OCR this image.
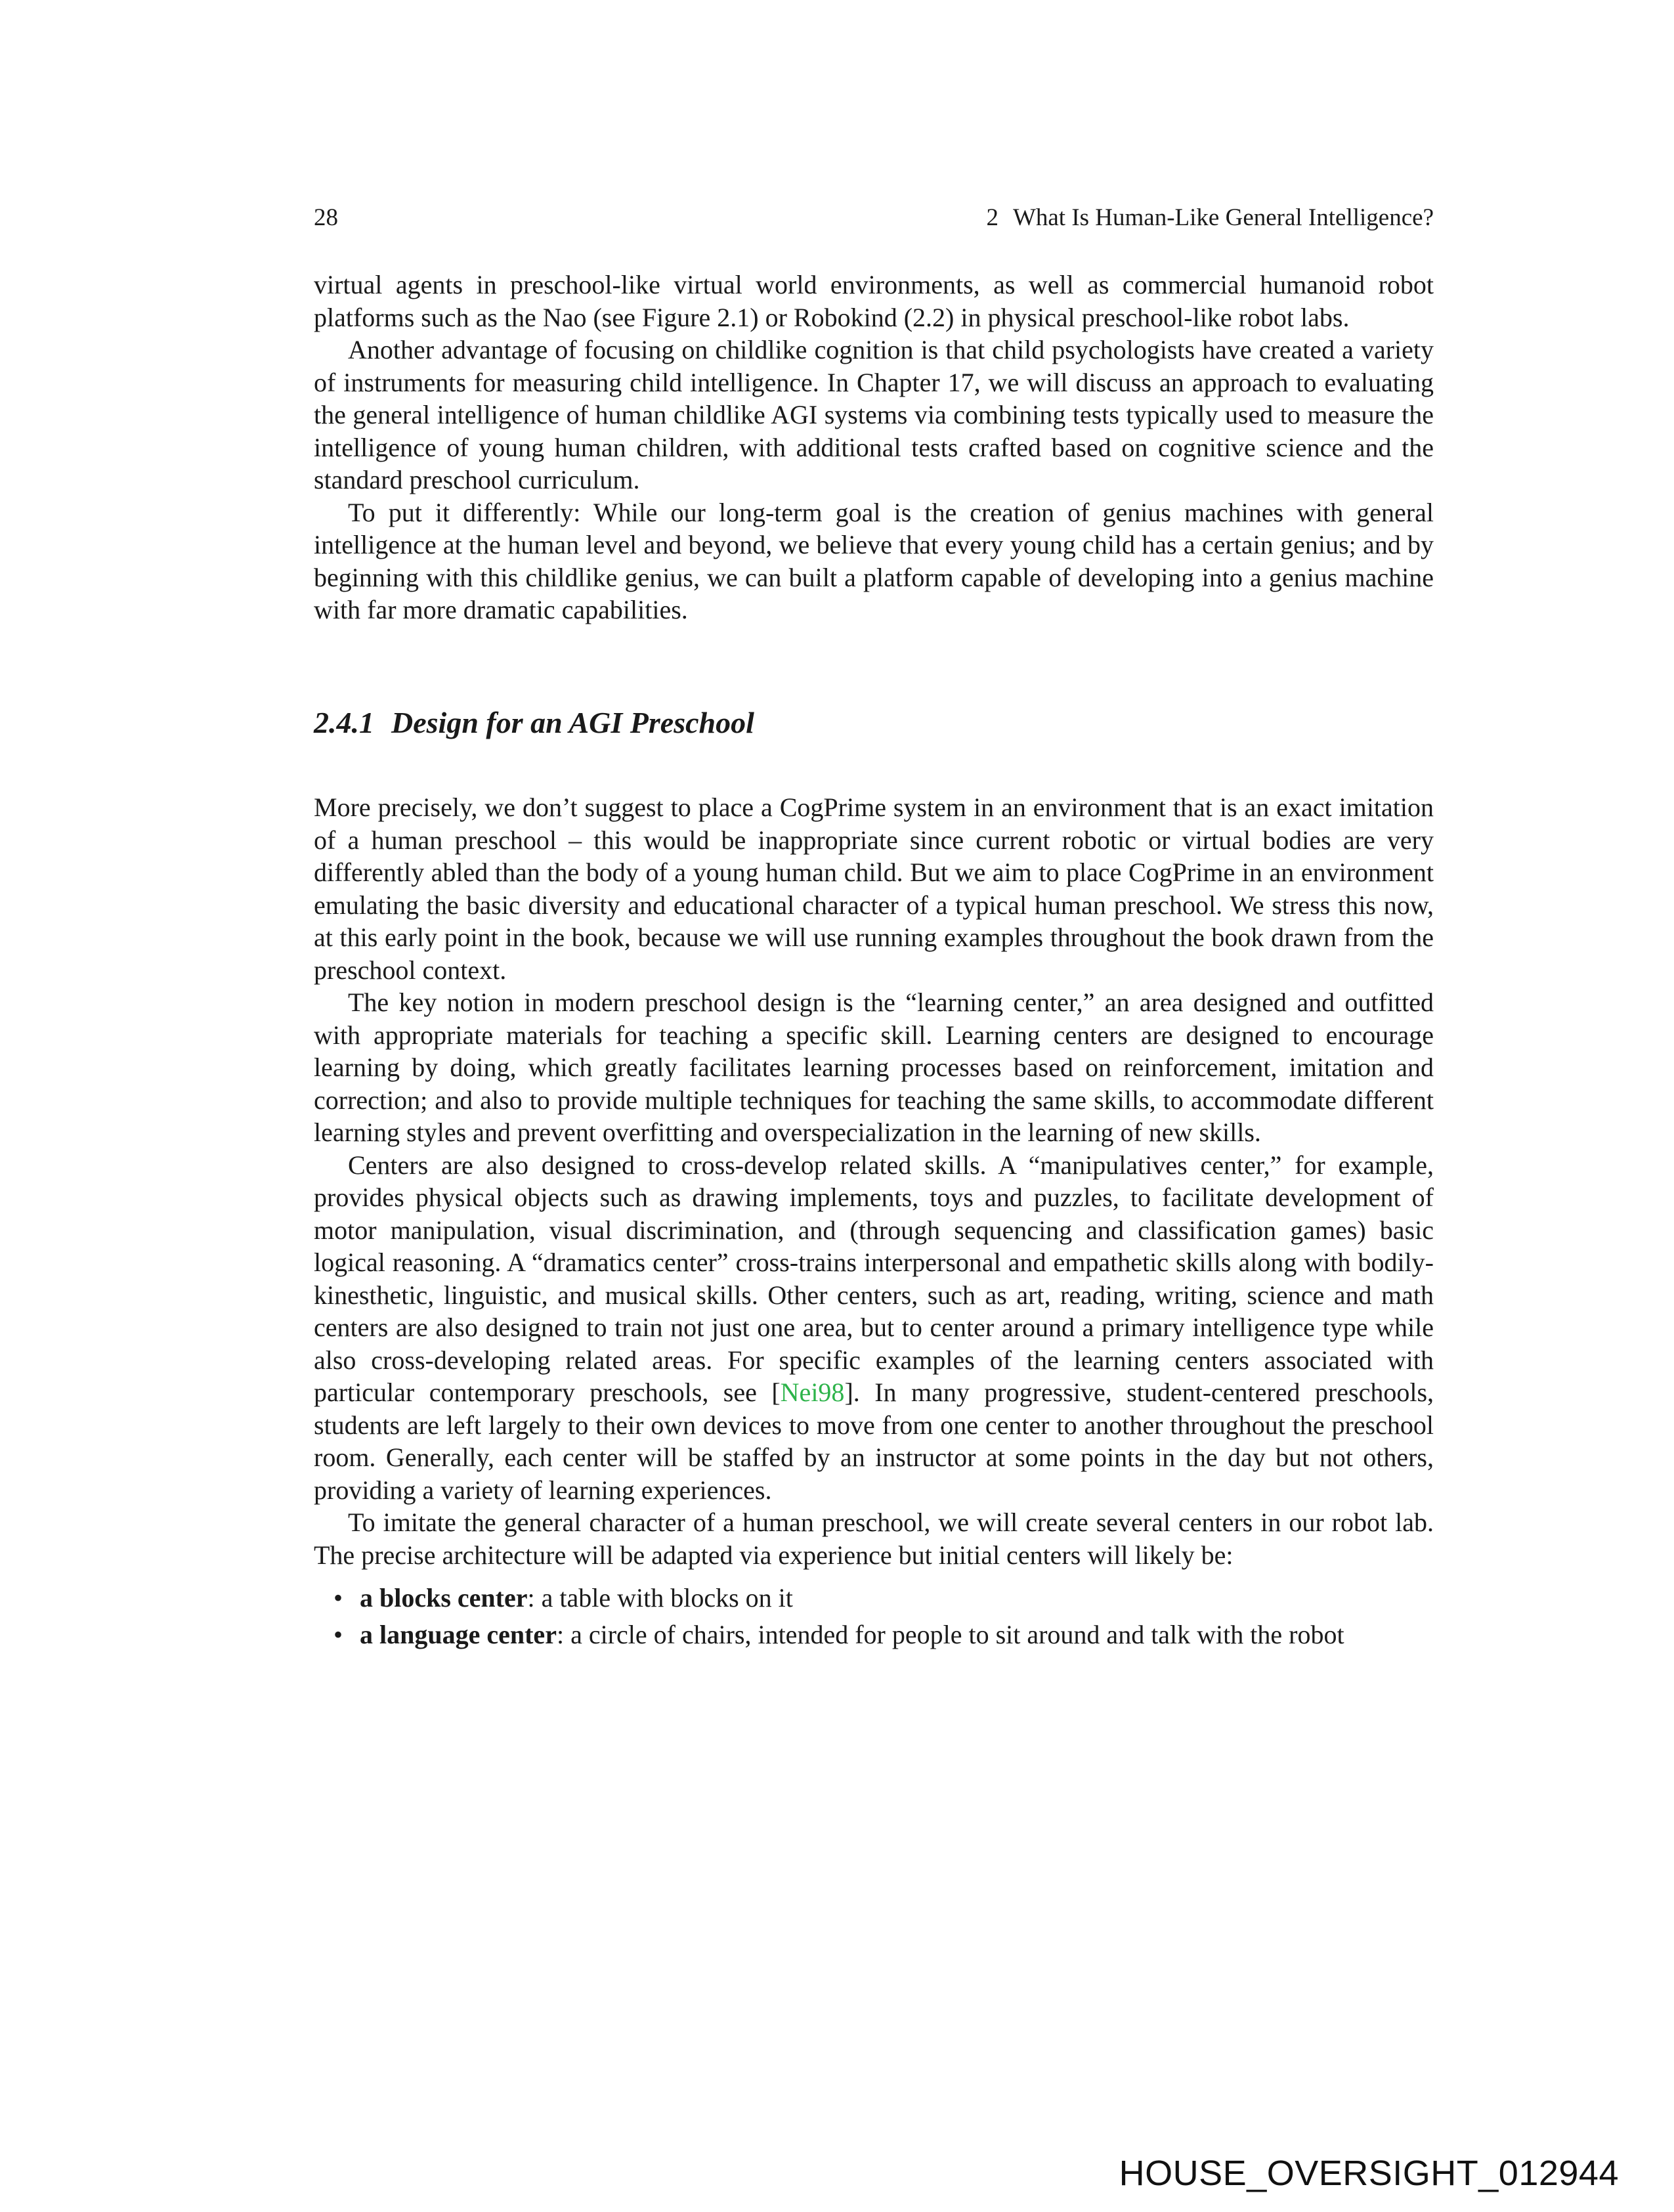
28	2 What Is Human-Like General Intelligence?

virtual agents in preschool-like virtual world environments, as well as commercial humanoid robot platforms such as the Nao (see Figure 2.1) or Robokind (2.2) in physical preschool-like robot labs.

Another advantage of focusing on childlike cognition is that child psychologists have created a variety of instruments for measuring child intelligence. In Chapter 17, we will discuss an approach to evaluating the general intelligence of human childlike AGI systems via combining tests typically used to measure the intelligence of young human children, with additional tests crafted based on cognitive science and the standard preschool curriculum.

To put it differently: While our long-term goal is the creation of genius machines with general intelligence at the human level and beyond, we believe that every young child has a certain genius; and by beginning with this childlike genius, we can built a platform capable of developing into a genius machine with far more dramatic capabilities.

2.4.1 Design for an AGI Preschool

More precisely, we don’t suggest to place a CogPrime system in an environment that is an exact imitation of a human preschool – this would be inappropriate since current robotic or virtual bodies are very differently abled than the body of a young human child. But we aim to place CogPrime in an environment emulating the basic diversity and educational character of a typical human preschool. We stress this now, at this early point in the book, because we will use running examples throughout the book drawn from the preschool context.

The key notion in modern preschool design is the “learning center,” an area designed and outfitted with appropriate materials for teaching a specific skill. Learning centers are designed to encourage learning by doing, which greatly facilitates learning processes based on reinforcement, imitation and correction; and also to provide multiple techniques for teaching the same skills, to accommodate different learning styles and prevent overfitting and overspecialization in the learning of new skills.

Centers are also designed to cross-develop related skills. A “manipulatives center,” for example, provides physical objects such as drawing implements, toys and puzzles, to facilitate development of motor manipulation, visual discrimination, and (through sequencing and classification games) basic logical reasoning. A “dramatics center” cross-trains interpersonal and empathetic skills along with bodily-kinesthetic, linguistic, and musical skills. Other centers, such as art, reading, writing, science and math centers are also designed to train not just one area, but to center around a primary intelligence type while also cross-developing related areas. For specific examples of the learning centers associated with particular contemporary preschools, see [Nei98]. In many progressive, student-centered preschools, students are left largely to their own devices to move from one center to another throughout the preschool room. Generally, each center will be staffed by an instructor at some points in the day but not others, providing a variety of learning experiences.

To imitate the general character of a human preschool, we will create several centers in our robot lab. The precise architecture will be adapted via experience but initial centers will likely be:

• a blocks center: a table with blocks on it
• a language center: a circle of chairs, intended for people to sit around and talk with the robot
HOUSE_OVERSIGHT_012944
